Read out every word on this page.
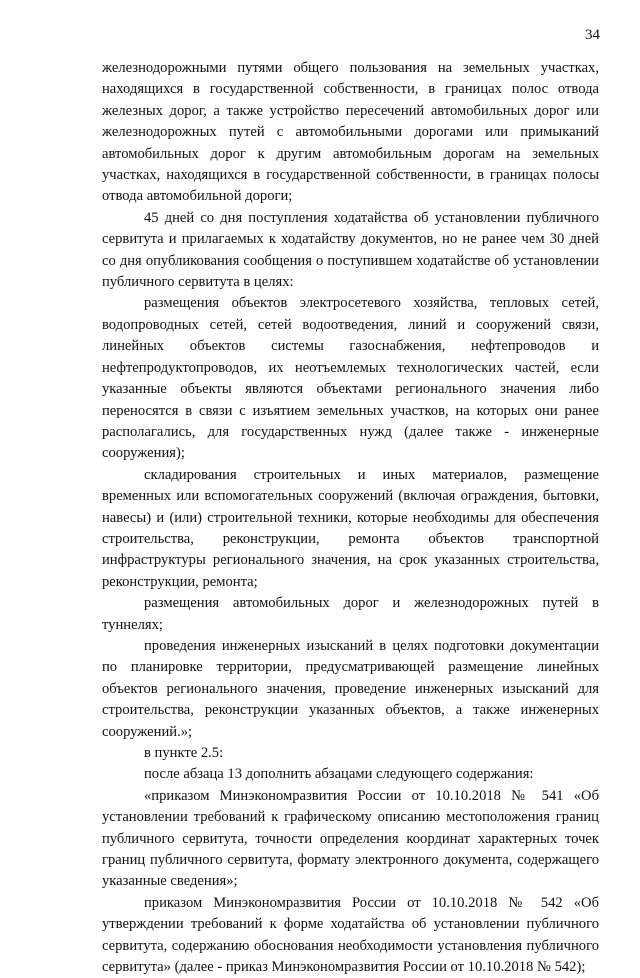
34

железнодорожными путями общего пользования на земельных участках, находящихся в государственной собственности, в границах полос отвода железных дорог, а также устройство пересечений автомобильных дорог или железнодорожных путей с автомобильными дорогами или примыканий автомобильных дорог к другим автомобильным дорогам на земельных участках, находящихся в государственной собственности, в границах полосы отвода автомобильной дороги;

45 дней со дня поступления ходатайства об установлении публичного сервитута и прилагаемых к ходатайству документов, но не ранее чем 30 дней со дня опубликования сообщения о поступившем ходатайстве об установлении публичного сервитута в целях:

размещения объектов электросетевого хозяйства, тепловых сетей, водопроводных сетей, сетей водоотведения, линий и сооружений связи, линейных объектов системы газоснабжения, нефтепроводов и нефтепродуктопроводов, их неотъемлемых технологических частей, если указанные объекты являются объектами регионального значения либо переносятся в связи с изъятием земельных участков, на которых они ранее располагались, для государственных нужд (далее также - инженерные сооружения);

складирования строительных и иных материалов, размещение временных или вспомогательных сооружений (включая ограждения, бытовки, навесы) и (или) строительной техники, которые необходимы для обеспечения строительства, реконструкции, ремонта объектов транспортной инфраструктуры регионального значения, на срок указанных строительства, реконструкции, ремонта;

размещения автомобильных дорог и железнодорожных путей в туннелях;

проведения инженерных изысканий в целях подготовки документации по планировке территории, предусматривающей размещение линейных объектов регионального значения, проведение инженерных изысканий для строительства, реконструкции указанных объектов, а также инженерных сооружений.»;

в пункте 2.5:

после абзаца 13 дополнить абзацами следующего содержания:

«приказом Минэкономразвития России от 10.10.2018 № 541 «Об установлении требований к графическому описанию местоположения границ публичного сервитута, точности определения координат характерных точек границ публичного сервитута, формату электронного документа, содержащего указанные сведения»;

приказом Минэкономразвития России от 10.10.2018 № 542 «Об утверждении требований к форме ходатайства об установлении публичного сервитута, содержанию обоснования необходимости установления публичного сервитута» (далее - приказ Минэкономразвития России от 10.10.2018 № 542);
